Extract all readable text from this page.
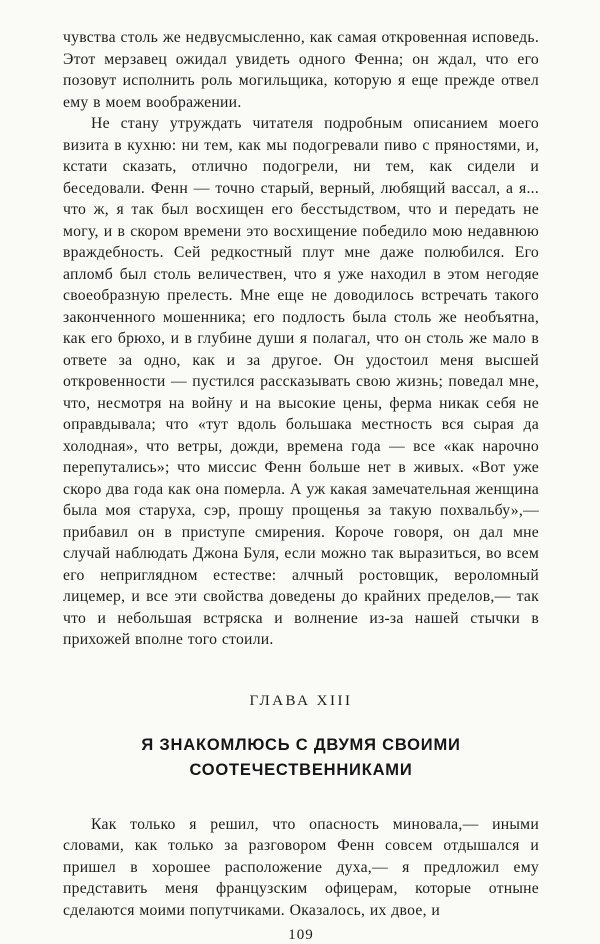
чувства столь же недвусмысленно, как самая откровенная исповедь. Этот мерзавец ожидал увидеть одного Фенна; он ждал, что его позовут исполнить роль могильщика, которую я еще прежде отвел ему в моем воображении.

Не стану утруждать читателя подробным описанием моего визита в кухню: ни тем, как мы подогревали пиво с пряностями, и, кстати сказать, отлично подогрели, ни тем, как сидели и беседовали. Фенн — точно старый, верный, любящий вассал, а я... что ж, я так был восхищен его бесстыдством, что и передать не могу, и в скором времени это восхищение победило мою недавнюю враждебность. Сей редкостный плут мне даже полюбился. Его апломб был столь величествен, что я уже находил в этом негодяе своеобразную прелесть. Мне еще не доводилось встречать такого законченного мошенника; его подлость была столь же необъятна, как его брюхо, и в глубине души я полагал, что он столь же мало в ответе за одно, как и за другое. Он удостоил меня высшей откровенности — пустился рассказывать свою жизнь; поведал мне, что, несмотря на войну и на высокие цены, ферма никак себя не оправдывала; что «тут вдоль большака местность вся сырая да холодная», что ветры, дожди, времена года — все «как нарочно перепутались»; что миссис Фенн больше нет в живых. «Вот уже скоро два года как она померла. А уж какая замечательная женщина была моя старуха, сэр, прошу прощенья за такую похвальбу»,— прибавил он в приступе смирения. Короче говоря, он дал мне случай наблюдать Джона Буля, если можно так выразиться, во всем его неприглядном естестве: алчный ростовщик, вероломный лицемер, и все эти свойства доведены до крайних пределов,— так что и небольшая встряска и волнение из-за нашей стычки в прихожей вполне того стоили.

ГЛАВА XIII
Я ЗНАКОМЛЮСЬ С ДВУМЯ СВОИМИ
СООТЕЧЕСТВЕННИКАМИ

Как только я решил, что опасность миновала,— иными словами, как только за разговором Фенн совсем отдышался и пришел в хорошее расположение духа,— я предложил ему представить меня французским офицерам, которые отныне сделаются моими попутчиками. Оказалось, их двое, и

109
